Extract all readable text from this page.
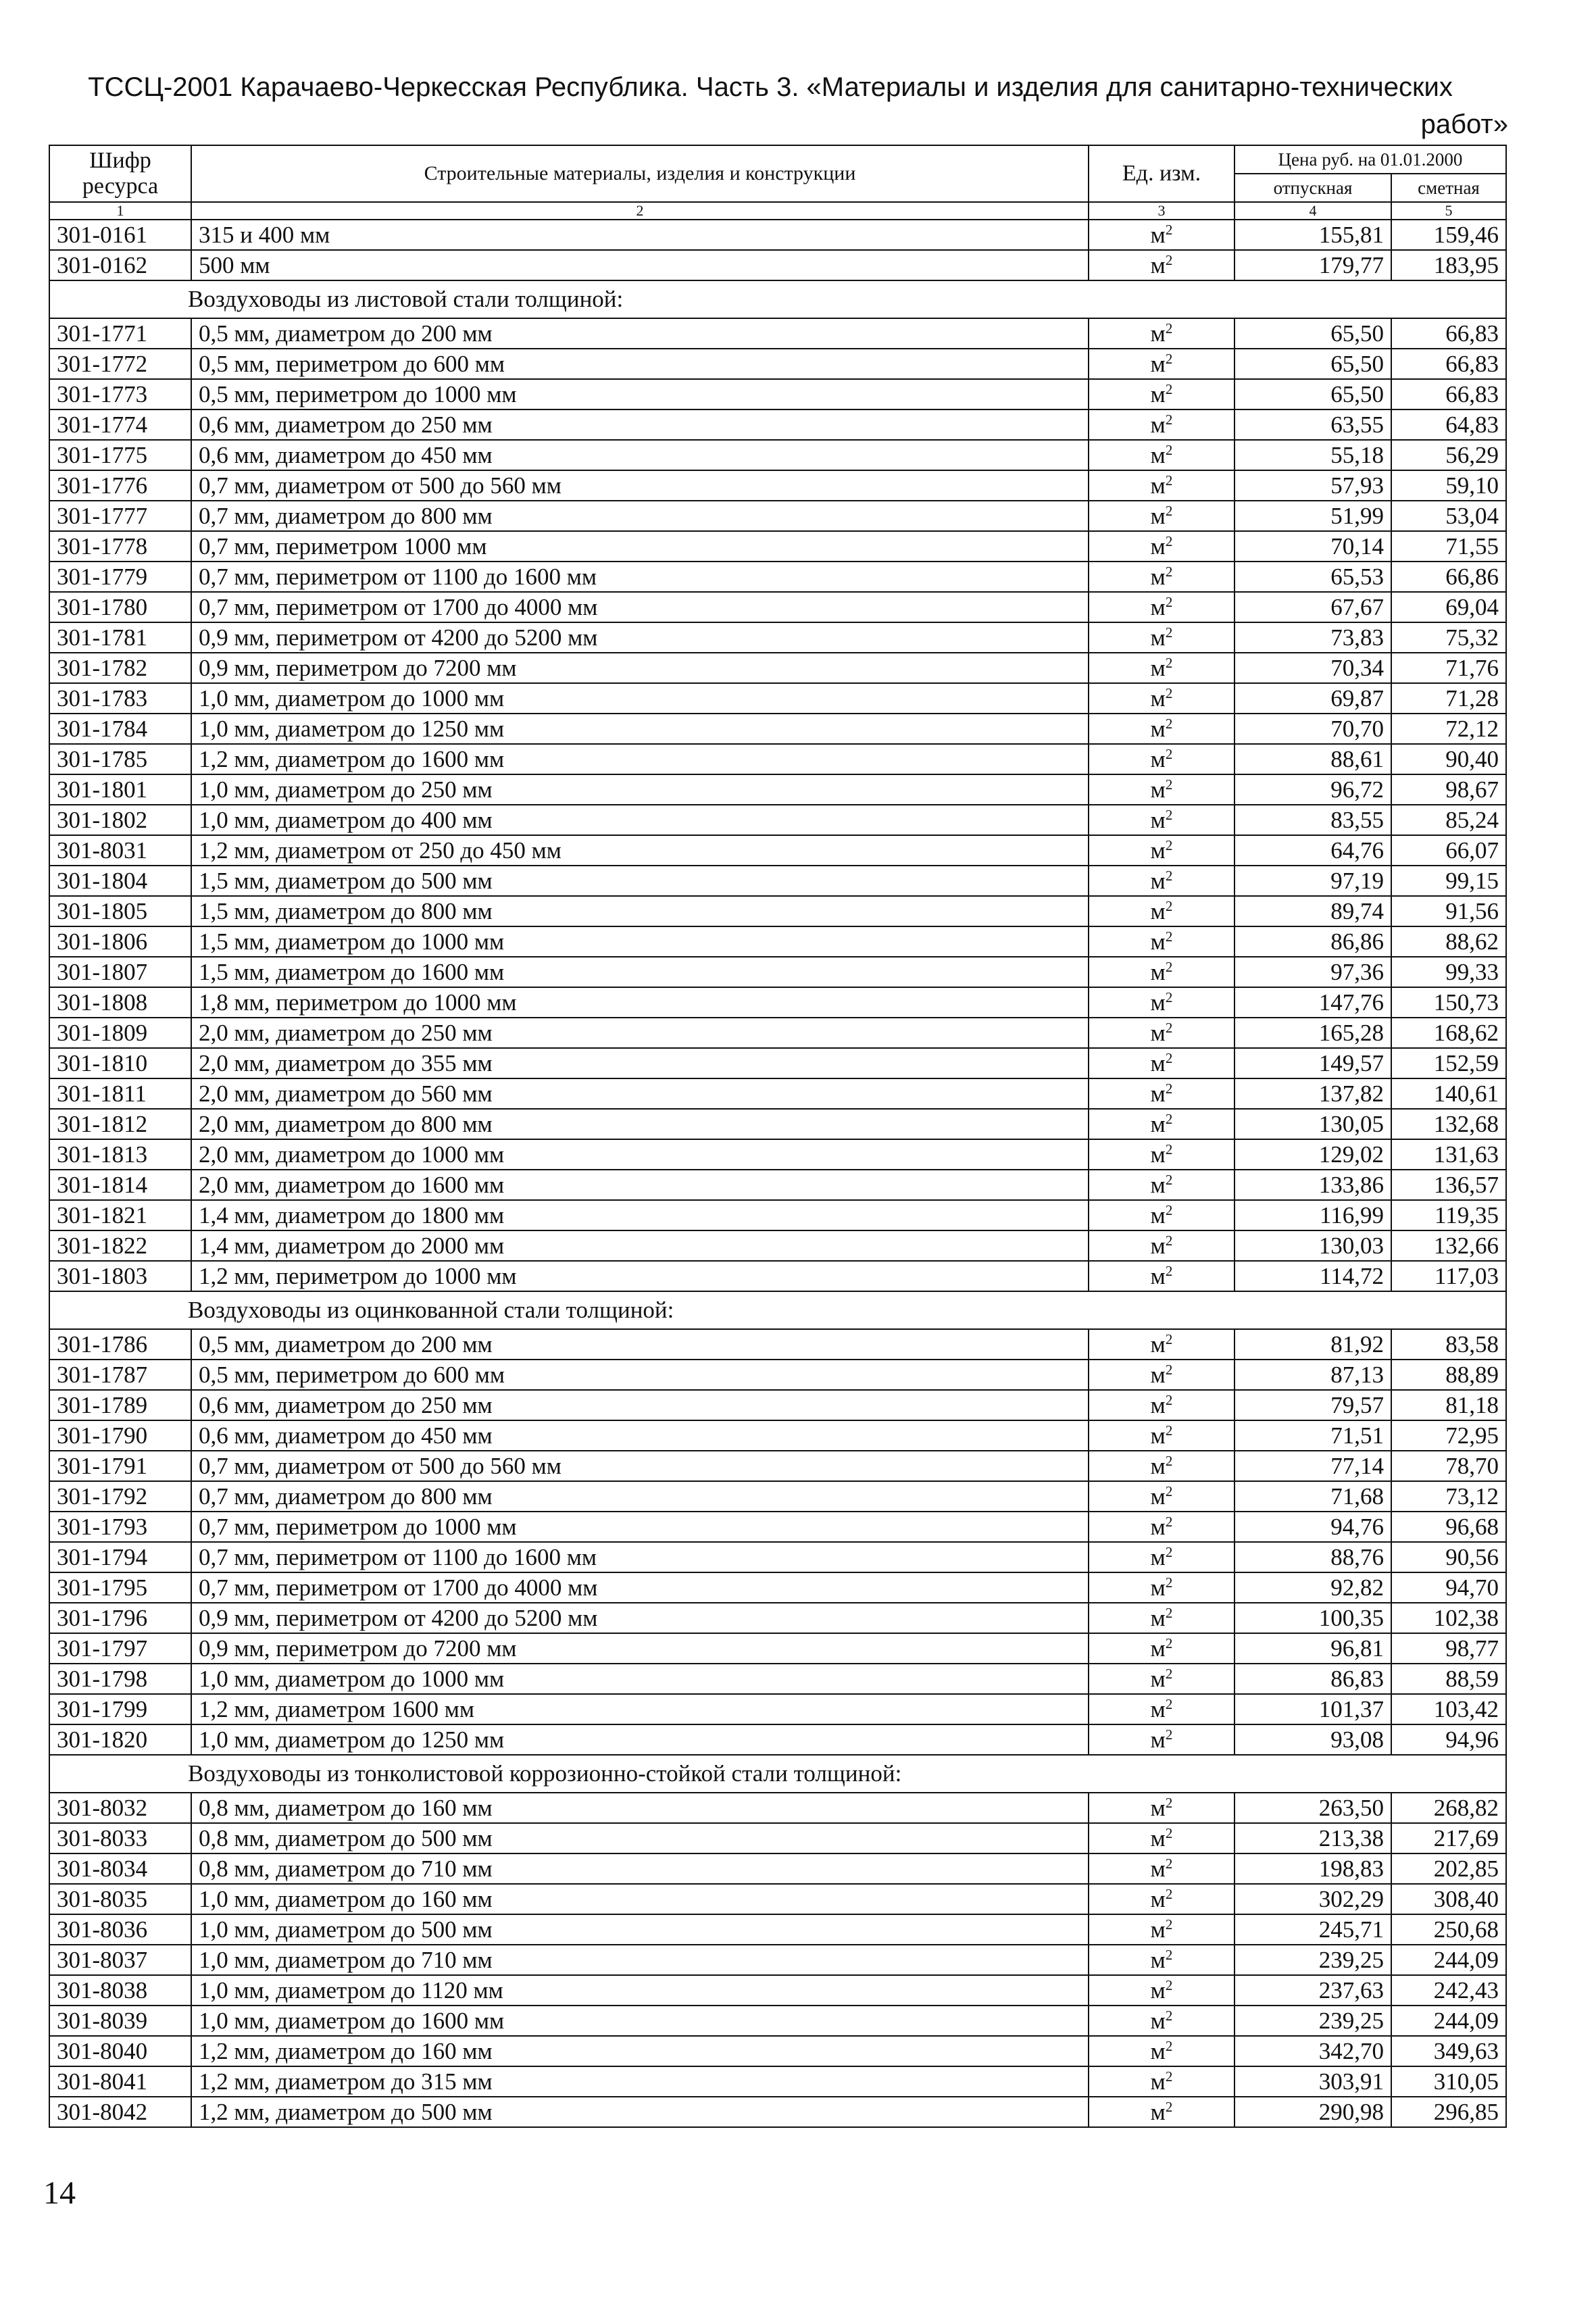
ТССЦ-2001 Карачаево-Черкесская Республика. Часть 3. «Материалы и изделия для санитарно-технических
работ»
Шифр ресурса	Строительные материалы, изделия и конструкции	Ед. изм.	Цена руб. на 01.01.2000	
			отпускная	сметная
1	2	3	4	5
301-0161	315 и 400 мм	$м^2$	155,81	159,46
301-0162	500 мм	$м^2$	179,77	183,95
Воздуховоды из листовой стали толщиной:				
301-1771	0,5 мм, диаметром до 200 мм	$м^2$	65,50	66,83
301-1772	0,5 мм, периметром до 600 мм	$м^2$	65,50	66,83
301-1773	0,5 мм, периметром до 1000 мм	$м^2$	65,50	66,83
301-1774	0,6 мм, диаметром до 250 мм	$м^2$	63,55	64,83
301-1775	0,6 мм, диаметром до 450 мм	$м^2$	55,18	56,29
301-1776	0,7 мм, диаметром от 500 до 560 мм	$м^2$	57,93	59,10
301-1777	0,7 мм, диаметром до 800 мм	$м^2$	51,99	53,04
301-1778	0,7 мм, периметром 1000 мм	$м^2$	70,14	71,55
301-1779	0,7 мм, периметром от 1100 до 1600 мм	$м^2$	65,53	66,86
301-1780	0,7 мм, периметром от 1700 до 4000 мм	$м^2$	67,67	69,04
301-1781	0,9 мм, периметром от 4200 до 5200 мм	$м^2$	73,83	75,32
301-1782	0,9 мм, периметром до 7200 мм	$м^2$	70,34	71,76
301-1783	1,0 мм, диаметром до 1000 мм	$м^2$	69,87	71,28
301-1784	1,0 мм, диаметром до 1250 мм	$м^2$	70,70	72,12
301-1785	1,2 мм, диаметром до 1600 мм	$м^2$	88,61	90,40
301-1801	1,0 мм, диаметром до 250 мм	$м^2$	96,72	98,67
301-1802	1,0 мм, диаметром до 400 мм	$м^2$	83,55	85,24
301-8031	1,2 мм, диаметром от 250 до 450 мм	$м^2$	64,76	66,07
301-1804	1,5 мм, диаметром до 500 мм	$м^2$	97,19	99,15
301-1805	1,5 мм, диаметром до 800 мм	$м^2$	89,74	91,56
301-1806	1,5 мм, диаметром до 1000 мм	$м^2$	86,86	88,62
301-1807	1,5 мм, диаметром до 1600 мм	$м^2$	97,36	99,33
301-1808	1,8 мм, периметром до 1000 мм	$м^2$	147,76	150,73
301-1809	2,0 мм, диаметром до 250 мм	$м^2$	165,28	168,62
301-1810	2,0 мм, диаметром до 355 мм	$м^2$	149,57	152,59
301-1811	2,0 мм, диаметром до 560 мм	$м^2$	137,82	140,61
301-1812	2,0 мм, диаметром до 800 мм	$м^2$	130,05	132,68
301-1813	2,0 мм, диаметром до 1000 мм	$м^2$	129,02	131,63
301-1814	2,0 мм, диаметром до 1600 мм	$м^2$	133,86	136,57
301-1821	1,4 мм, диаметром до 1800 мм	$м^2$	116,99	119,35
301-1822	1,4 мм, диаметром до 2000 мм	$м^2$	130,03	132,66
301-1803	1,2 мм, периметром до 1000 мм	$м^2$	114,72	117,03
Воздуховоды из оцинкованной стали толщиной:				
301-1786	0,5 мм, диаметром до 200 мм	$м^2$	81,92	83,58
301-1787	0,5 мм, периметром до 600 мм	$м^2$	87,13	88,89
301-1789	0,6 мм, диаметром до 250 мм	$м^2$	79,57	81,18
301-1790	0,6 мм, диаметром до 450 мм	$м^2$	71,51	72,95
301-1791	0,7 мм, диаметром от 500 до 560 мм	$м^2$	77,14	78,70
301-1792	0,7 мм, диаметром до 800 мм	$м^2$	71,68	73,12
301-1793	0,7 мм, периметром до 1000 мм	$м^2$	94,76	96,68
301-1794	0,7 мм, периметром от 1100 до 1600 мм	$м^2$	88,76	90,56
301-1795	0,7 мм, периметром от 1700 до 4000 мм	$м^2$	92,82	94,70
301-1796	0,9 мм, периметром от 4200 до 5200 мм	$м^2$	100,35	102,38
301-1797	0,9 мм, периметром до 7200 мм	$м^2$	96,81	98,77
301-1798	1,0 мм, диаметром до 1000 мм	$м^2$	86,83	88,59
301-1799	1,2 мм, диаметром 1600 мм	$м^2$	101,37	103,42
301-1820	1,0 мм, диаметром до 1250 мм	$м^2$	93,08	94,96
Воздуховоды из тонколистовой коррозионно-стойкой стали толщиной:				
301-8032	0,8 мм, диаметром до 160 мм	$м^2$	263,50	268,82
301-8033	0,8 мм, диаметром до 500 мм	$м^2$	213,38	217,69
301-8034	0,8 мм, диаметром до 710 мм	$м^2$	198,83	202,85
301-8035	1,0 мм, диаметром до 160 мм	$м^2$	302,29	308,40
301-8036	1,0 мм, диаметром до 500 мм	$м^2$	245,71	250,68
301-8037	1,0 мм, диаметром до 710 мм	$м^2$	239,25	244,09
301-8038	1,0 мм, диаметром до 1120 мм	$м^2$	237,63	242,43
301-8039	1,0 мм, диаметром до 1600 мм	$м^2$	239,25	244,09
301-8040	1,2 мм, диаметром до 160 мм	$м^2$	342,70	349,63
301-8041	1,2 мм, диаметром до 315 мм	$м^2$	303,91	310,05
301-8042	1,2 мм, диаметром до 500 мм	$м^2$	290,98	296,85
14
